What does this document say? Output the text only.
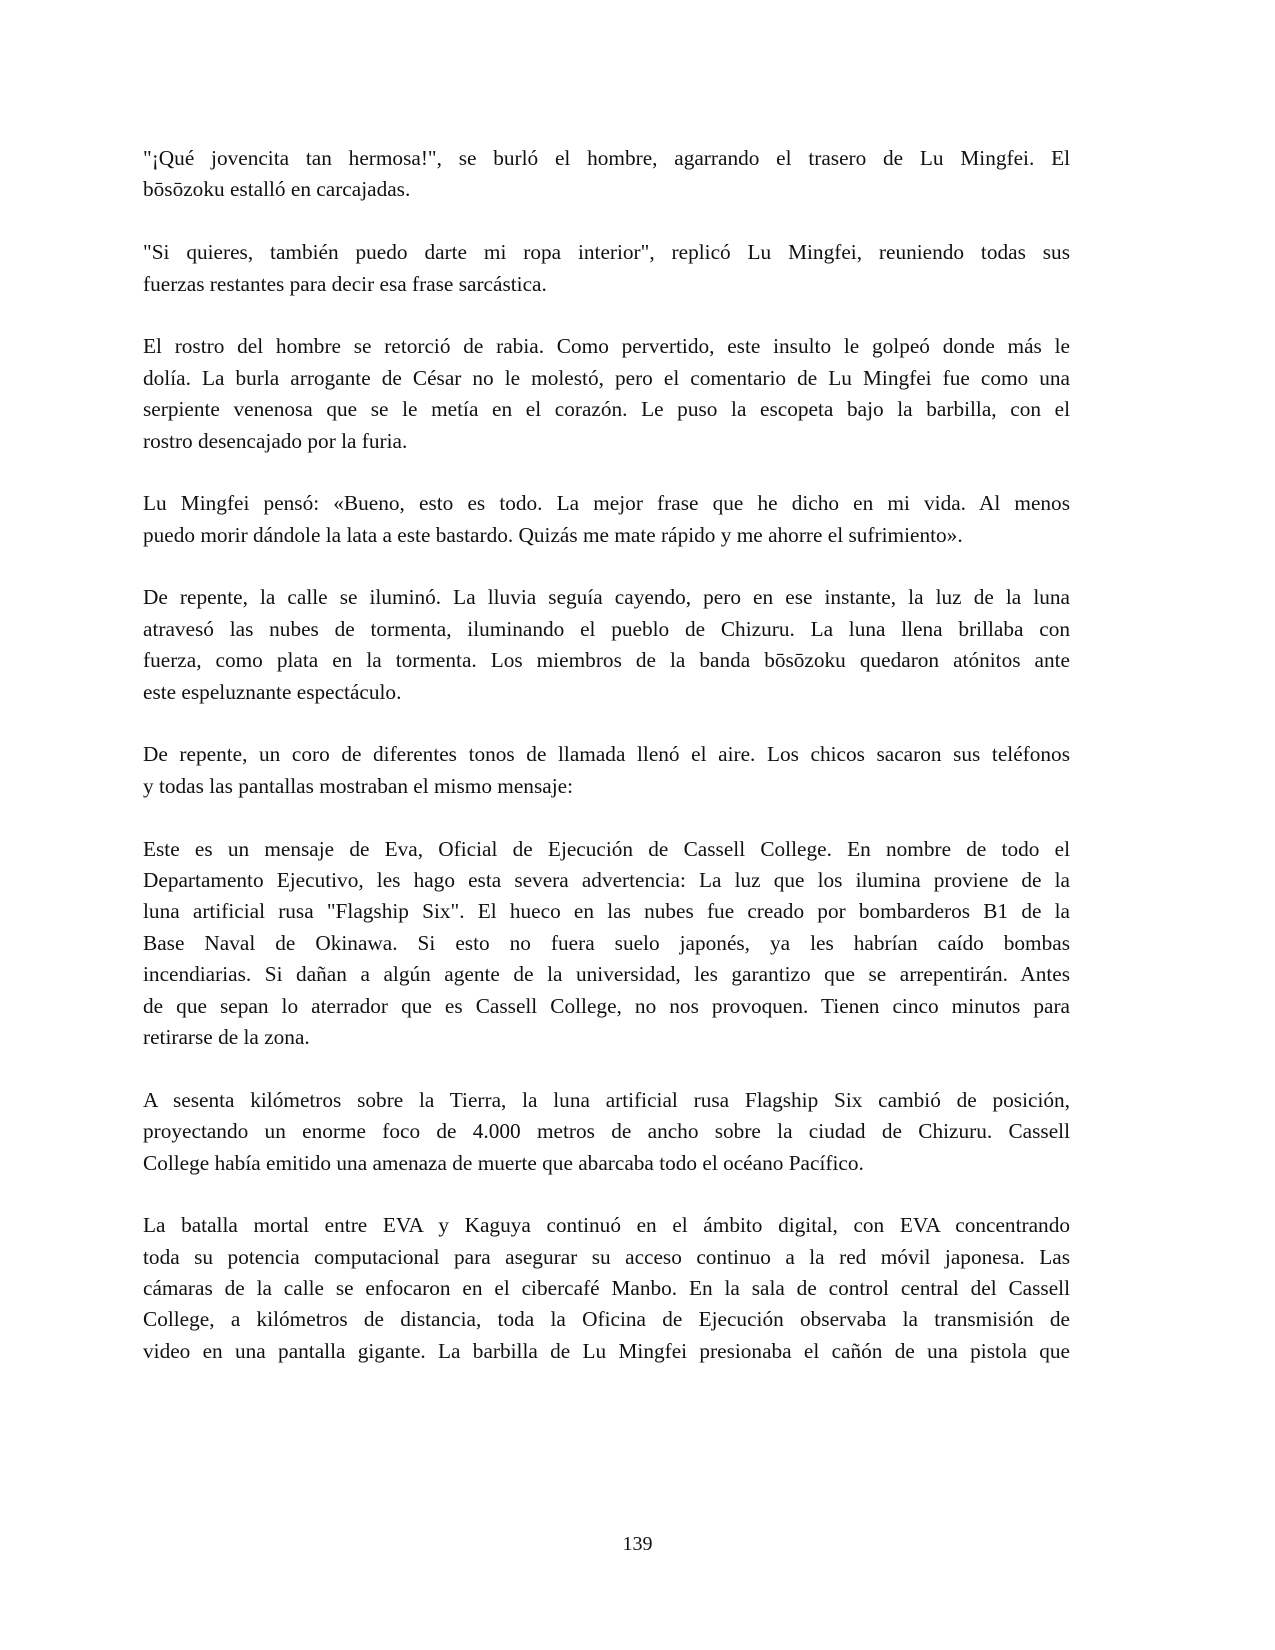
"¡Qué jovencita tan hermosa!", se burló el hombre, agarrando el trasero de Lu Mingfei. El
bōsōzoku estalló en carcajadas.

"Si quieres, también puedo darte mi ropa interior", replicó Lu Mingfei, reuniendo todas sus
fuerzas restantes para decir esa frase sarcástica.

El rostro del hombre se retorció de rabia. Como pervertido, este insulto le golpeó donde más le
dolía. La burla arrogante de César no le molestó, pero el comentario de Lu Mingfei fue como una
serpiente venenosa que se le metía en el corazón. Le puso la escopeta bajo la barbilla, con el
rostro desencajado por la furia.

Lu Mingfei pensó: «Bueno, esto es todo. La mejor frase que he dicho en mi vida. Al menos
puedo morir dándole la lata a este bastardo. Quizás me mate rápido y me ahorre el sufrimiento».

De repente, la calle se iluminó. La lluvia seguía cayendo, pero en ese instante, la luz de la luna
atravesó las nubes de tormenta, iluminando el pueblo de Chizuru. La luna llena brillaba con
fuerza, como plata en la tormenta. Los miembros de la banda bōsōzoku quedaron atónitos ante
este espeluznante espectáculo.

De repente, un coro de diferentes tonos de llamada llenó el aire. Los chicos sacaron sus teléfonos
y todas las pantallas mostraban el mismo mensaje:

Este es un mensaje de Eva, Oficial de Ejecución de Cassell College. En nombre de todo el
Departamento Ejecutivo, les hago esta severa advertencia: La luz que los ilumina proviene de la
luna artificial rusa "Flagship Six". El hueco en las nubes fue creado por bombarderos B1 de la
Base Naval de Okinawa. Si esto no fuera suelo japonés, ya les habrían caído bombas
incendiarias. Si dañan a algún agente de la universidad, les garantizo que se arrepentirán. Antes
de que sepan lo aterrador que es Cassell College, no nos provoquen. Tienen cinco minutos para
retirarse de la zona.

A sesenta kilómetros sobre la Tierra, la luna artificial rusa Flagship Six cambió de posición,
proyectando un enorme foco de 4.000 metros de ancho sobre la ciudad de Chizuru. Cassell
College había emitido una amenaza de muerte que abarcaba todo el océano Pacífico.

La batalla mortal entre EVA y Kaguya continuó en el ámbito digital, con EVA concentrando
toda su potencia computacional para asegurar su acceso continuo a la red móvil japonesa. Las
cámaras de la calle se enfocaron en el cibercafé Manbo. En la sala de control central del Cassell
College, a kilómetros de distancia, toda la Oficina de Ejecución observaba la transmisión de
video en una pantalla gigante. La barbilla de Lu Mingfei presionaba el cañón de una pistola que

139
